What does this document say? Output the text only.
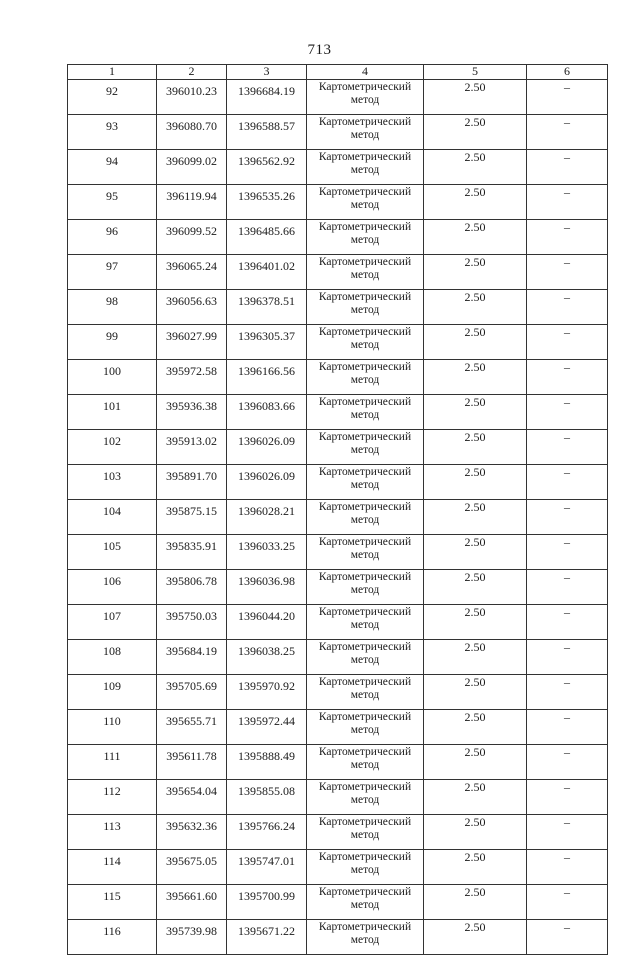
713
1	2	3	4	5	6
92	396010.23	1396684.19	Картометрический метод	2.50	–
93	396080.70	1396588.57	Картометрический метод	2.50	–
94	396099.02	1396562.92	Картометрический метод	2.50	–
95	396119.94	1396535.26	Картометрический метод	2.50	–
96	396099.52	1396485.66	Картометрический метод	2.50	–
97	396065.24	1396401.02	Картометрический метод	2.50	–
98	396056.63	1396378.51	Картометрический метод	2.50	–
99	396027.99	1396305.37	Картометрический метод	2.50	–
100	395972.58	1396166.56	Картометрический метод	2.50	–
101	395936.38	1396083.66	Картометрический метод	2.50	–
102	395913.02	1396026.09	Картометрический метод	2.50	–
103	395891.70	1396026.09	Картометрический метод	2.50	–
104	395875.15	1396028.21	Картометрический метод	2.50	–
105	395835.91	1396033.25	Картометрический метод	2.50	–
106	395806.78	1396036.98	Картометрический метод	2.50	–
107	395750.03	1396044.20	Картометрический метод	2.50	–
108	395684.19	1396038.25	Картометрический метод	2.50	–
109	395705.69	1395970.92	Картометрический метод	2.50	–
110	395655.71	1395972.44	Картометрический метод	2.50	–
111	395611.78	1395888.49	Картометрический метод	2.50	–
112	395654.04	1395855.08	Картометрический метод	2.50	–
113	395632.36	1395766.24	Картометрический метод	2.50	–
114	395675.05	1395747.01	Картометрический метод	2.50	–
115	395661.60	1395700.99	Картометрический метод	2.50	–
116	395739.98	1395671.22	Картометрический метод	2.50	–
